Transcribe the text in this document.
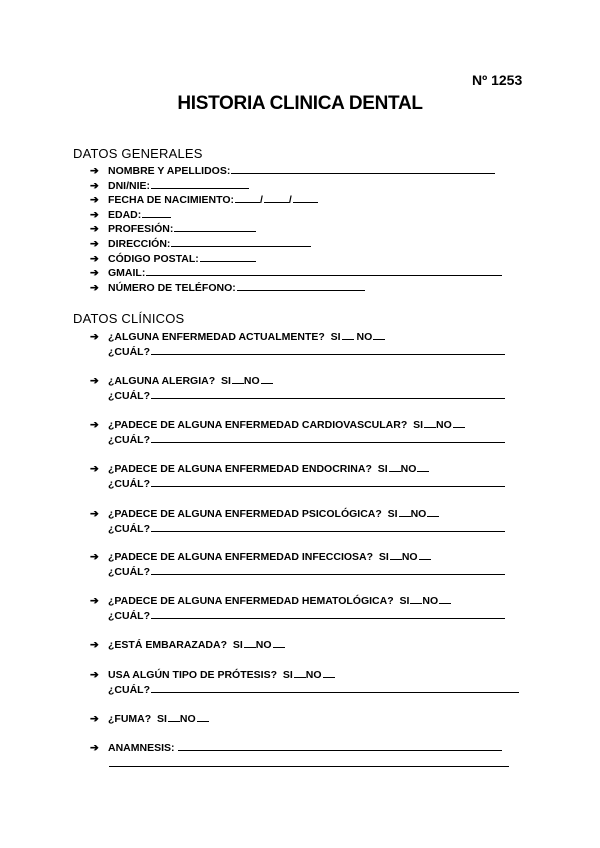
Nº 1253
HISTORIA CLINICA DENTAL
DATOS GENERALES
➔ NOMBRE Y APELLIDOS:
➔ DNI/NIE:
➔ FECHA DE NACIMIENTO: / /
➔ EDAD:
➔ PROFESIÓN:
➔ DIRECCIÓN:
➔ CÓDIGO POSTAL:
➔ GMAIL:
➔ NÚMERO DE TELÉFONO:
DATOS CLÍNICOS
➔ ¿ALGUNA ENFERMEDAD ACTUALMENTE? SI NO
¿CUÁL?
➔ ¿ALGUNA ALERGIA? SI NO
¿CUÁL?
➔ ¿PADECE DE ALGUNA ENFERMEDAD CARDIOVASCULAR? SI NO
¿CUÁL?
➔ ¿PADECE DE ALGUNA ENFERMEDAD ENDOCRINA? SI NO
¿CUÁL?
➔ ¿PADECE DE ALGUNA ENFERMEDAD PSICOLÓGICA? SI NO
¿CUÁL?
➔ ¿PADECE DE ALGUNA ENFERMEDAD INFECCIOSA? SI NO
¿CUÁL?
➔ ¿PADECE DE ALGUNA ENFERMEDAD HEMATOLÓGICA? SI NO
¿CUÁL?
➔ ¿ESTÁ EMBARAZADA? SI NO
➔ USA ALGÚN TIPO DE PRÓTESIS? SI NO
¿CUÁL?
➔ ¿FUMA? SI NO
➔ ANAMNESIS:
